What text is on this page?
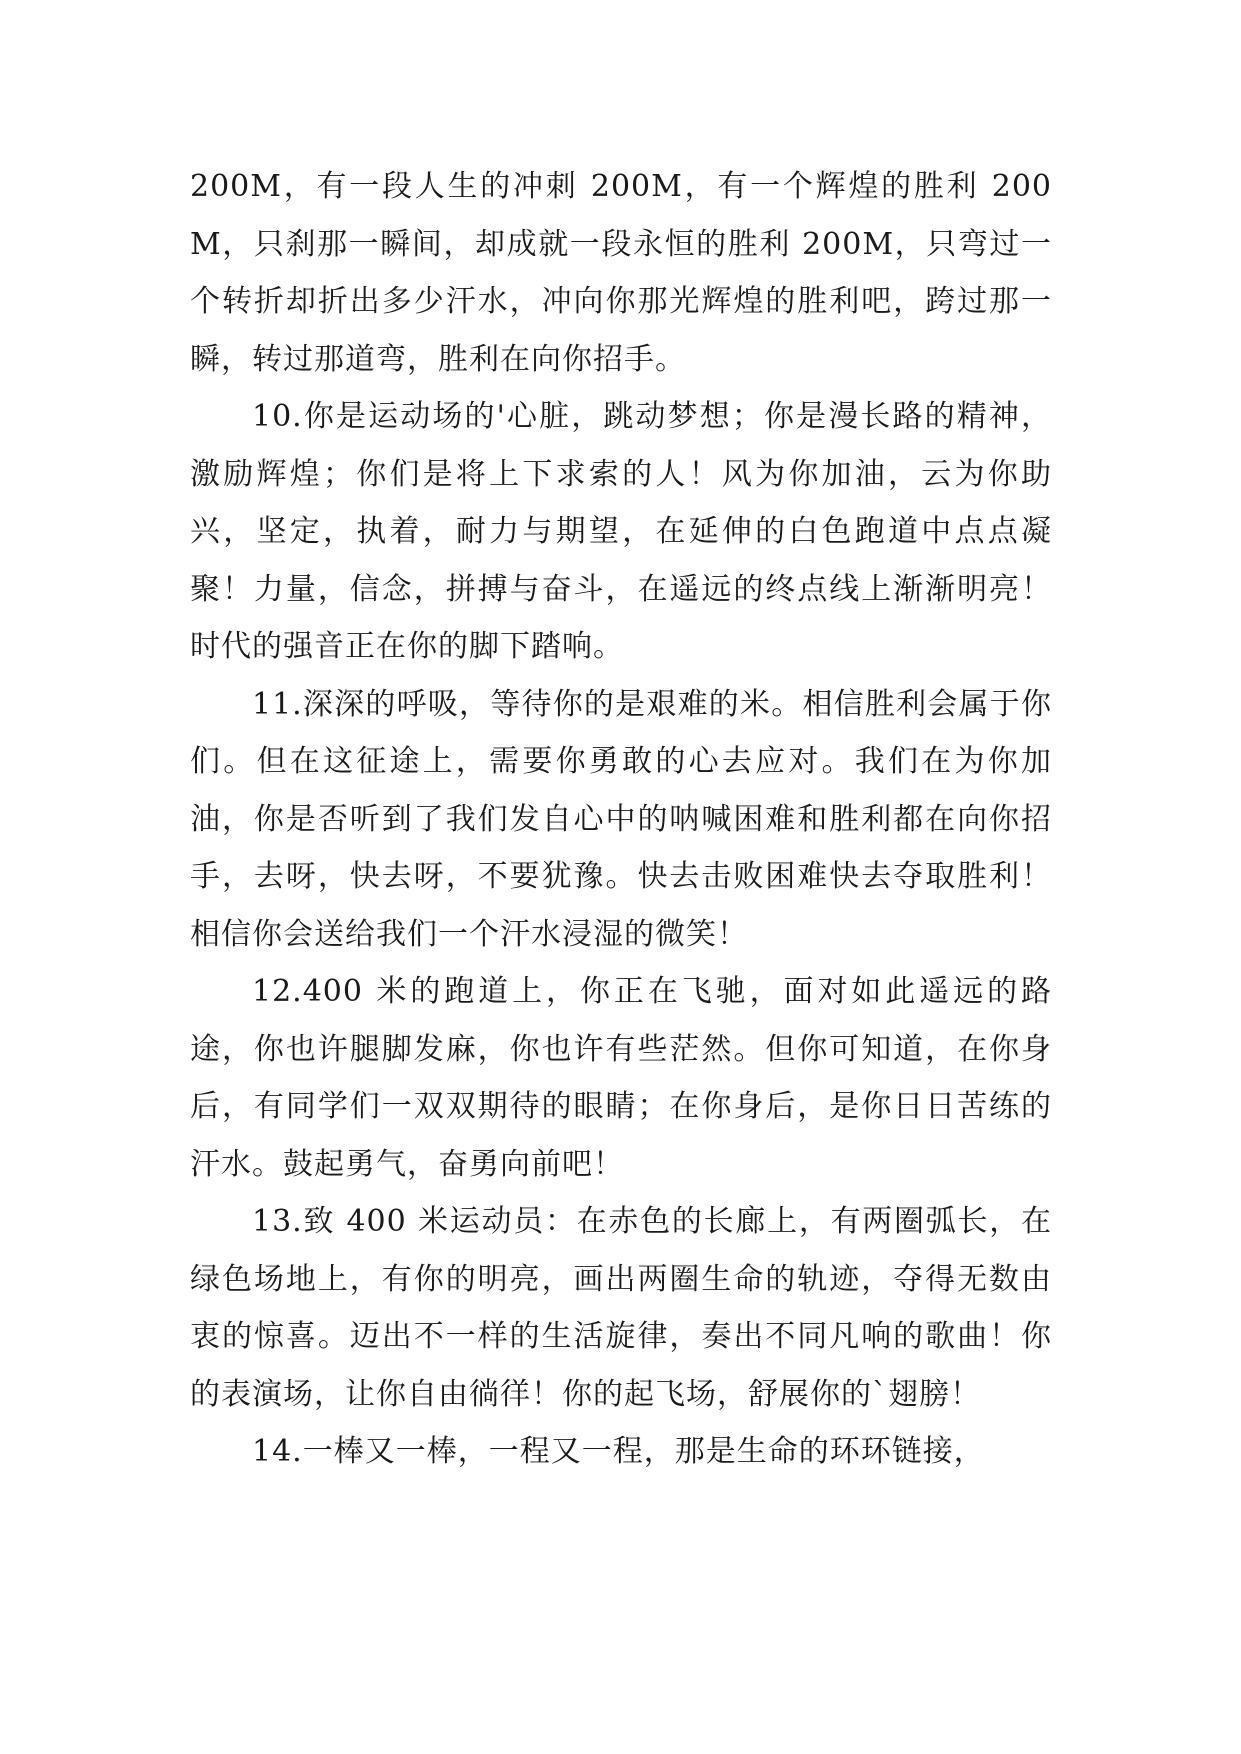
200M，有一段人生的冲刺 200M，有一个辉煌的胜利 200M，只刹那一瞬间，却成就一段永恒的胜利 200M，只弯过一个转折却折出多少汗水，冲向你那光辉煌的胜利吧，跨过那一瞬，转过那道弯，胜利在向你招手。

10.你是运动场的'心脏，跳动梦想；你是漫长路的精神，激励辉煌；你们是将上下求索的人！风为你加油，云为你助兴，坚定，执着，耐力与期望，在延伸的白色跑道中点点凝聚！力量，信念，拼搏与奋斗，在遥远的终点线上渐渐明亮！时代的强音正在你的脚下踏响。

11.深深的呼吸，等待你的是艰难的米。相信胜利会属于你们。但在这征途上，需要你勇敢的心去应对。我们在为你加油，你是否听到了我们发自心中的呐喊困难和胜利都在向你招手，去呀，快去呀，不要犹豫。快去击败困难快去夺取胜利！相信你会送给我们一个汗水浸湿的微笑！

12.400 米的跑道上，你正在飞驰，面对如此遥远的路途，你也许腿脚发麻，你也许有些茫然。但你可知道，在你身后，有同学们一双双期待的眼睛；在你身后，是你日日苦练的汗水。鼓起勇气，奋勇向前吧！

13.致 400 米运动员：在赤色的长廊上，有两圈弧长，在绿色场地上，有你的明亮，画出两圈生命的轨迹，夺得无数由衷的惊喜。迈出不一样的生活旋律，奏出不同凡响的歌曲！你的表演场，让你自由徜徉！你的起飞场，舒展你的`翅膀！

14.一棒又一棒，一程又一程，那是生命的环环链接，
